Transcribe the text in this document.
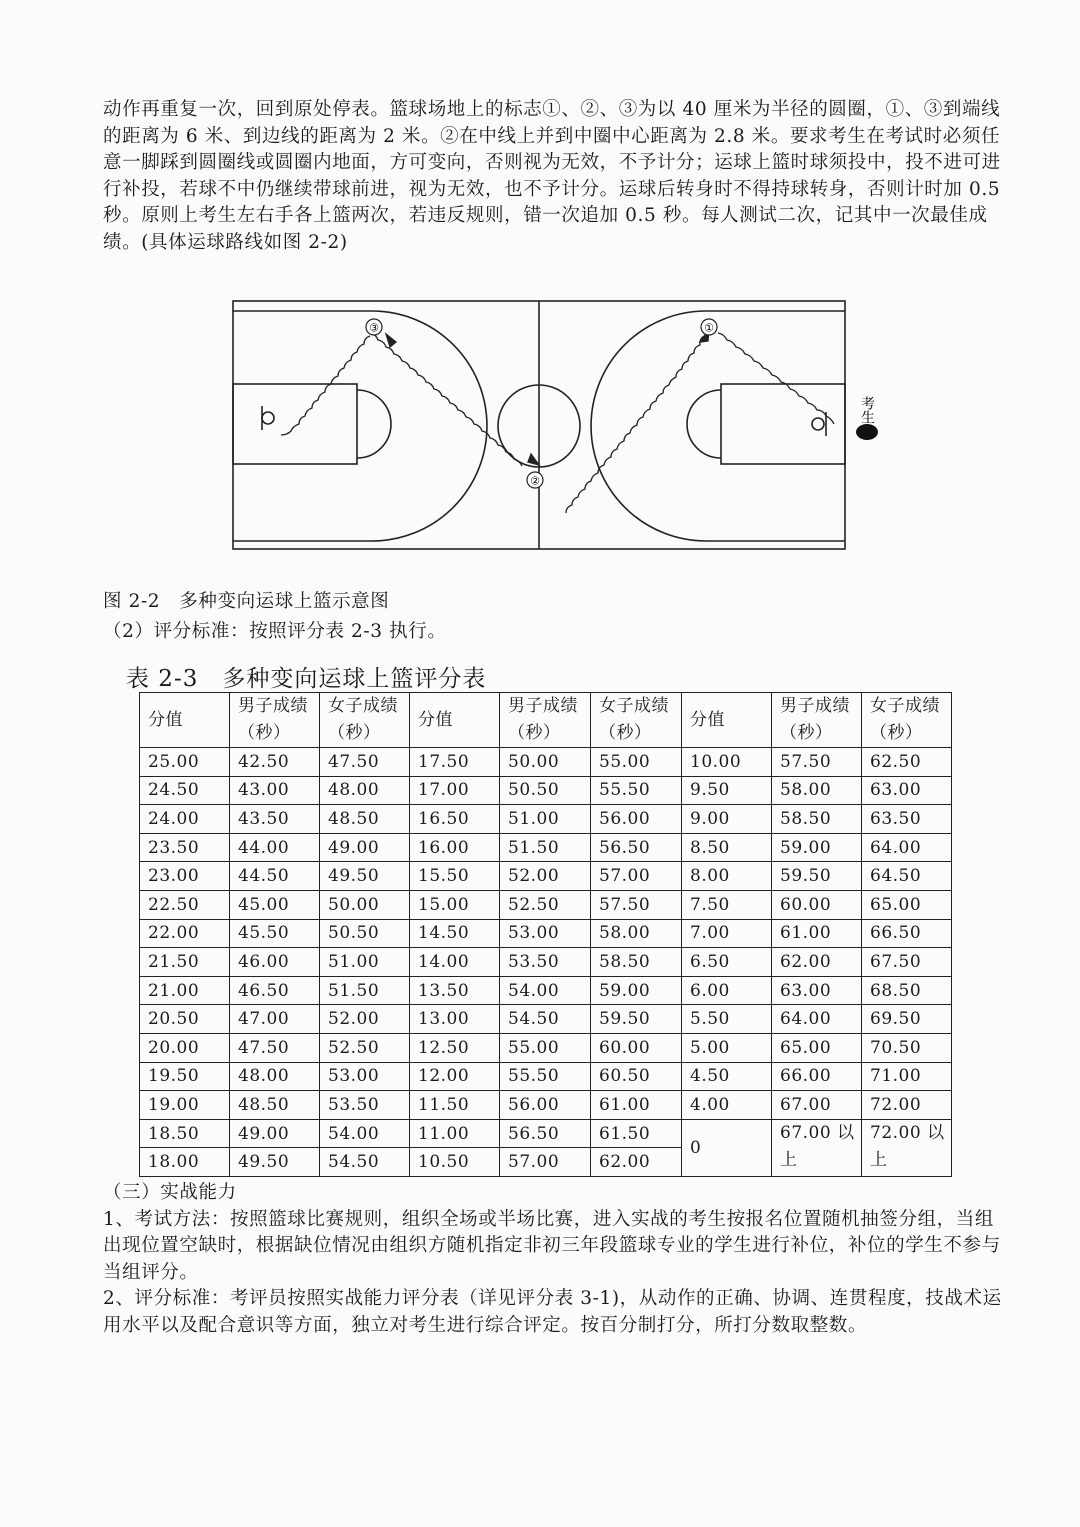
动作再重复一次，回到原处停表。篮球场地上的标志①、②、③为以 40 厘米为半径的圆圈，①、③到端线的距离为 6 米、到边线的距离为 2 米。②在中线上并到中圈中心距离为 2.8 米。要求考生在考试时必须任意一脚踩到圆圈线或圆圈内地面，方可变向，否则视为无效，不予计分；运球上篮时球须投中，投不进可进行补投，若球不中仍继续带球前进，视为无效，也不予计分。运球后转身时不得持球转身，否则计时加 0.5 秒。原则上考生左右手各上篮两次，若违反规则，错一次追加 0.5 秒。每人测试二次，记其中一次最佳成绩。(具体运球路线如图 2-2)

①
②
③
考生

图 2-2　多种变向运球上篮示意图

（2）评分标准：按照评分表 2-3 执行。

表 2-3　多种变向运球上篮评分表

分值	男子成绩（秒）	女子成绩（秒）	分值	男子成绩（秒）	女子成绩（秒）	分值	男子成绩（秒）	女子成绩（秒）
25.00	42.50	47.50	17.50	50.00	55.00	10.00	57.50	62.50
24.50	43.00	48.00	17.00	50.50	55.50	9.50	58.00	63.00
24.00	43.50	48.50	16.50	51.00	56.00	9.00	58.50	63.50
23.50	44.00	49.00	16.00	51.50	56.50	8.50	59.00	64.00
23.00	44.50	49.50	15.50	52.00	57.00	8.00	59.50	64.50
22.50	45.00	50.00	15.00	52.50	57.50	7.50	60.00	65.00
22.00	45.50	50.50	14.50	53.00	58.00	7.00	61.00	66.50
21.50	46.00	51.00	14.00	53.50	58.50	6.50	62.00	67.50
21.00	46.50	51.50	13.50	54.00	59.00	6.00	63.00	68.50
20.50	47.00	52.00	13.00	54.50	59.50	5.50	64.00	69.50
20.00	47.50	52.50	12.50	55.00	60.00	5.00	65.00	70.50
19.50	48.00	53.00	12.00	55.50	60.50	4.50	66.00	71.00
19.00	48.50	53.50	11.50	56.00	61.00	4.00	67.00	72.00
18.50	49.00	54.00	11.00	56.50	61.50	0	67.00 以上	72.00 以上
18.00	49.50	54.50	10.50	57.00	62.00			

（三）实战能力

1、考试方法：按照篮球比赛规则，组织全场或半场比赛，进入实战的考生按报名位置随机抽签分组，当组出现位置空缺时，根据缺位情况由组织方随机指定非初三年段篮球专业的学生进行补位，补位的学生不参与当组评分。

2、评分标准：考评员按照实战能力评分表（详见评分表 3-1)，从动作的正确、协调、连贯程度，技战术运用水平以及配合意识等方面，独立对考生进行综合评定。按百分制打分，所打分数取整数。
